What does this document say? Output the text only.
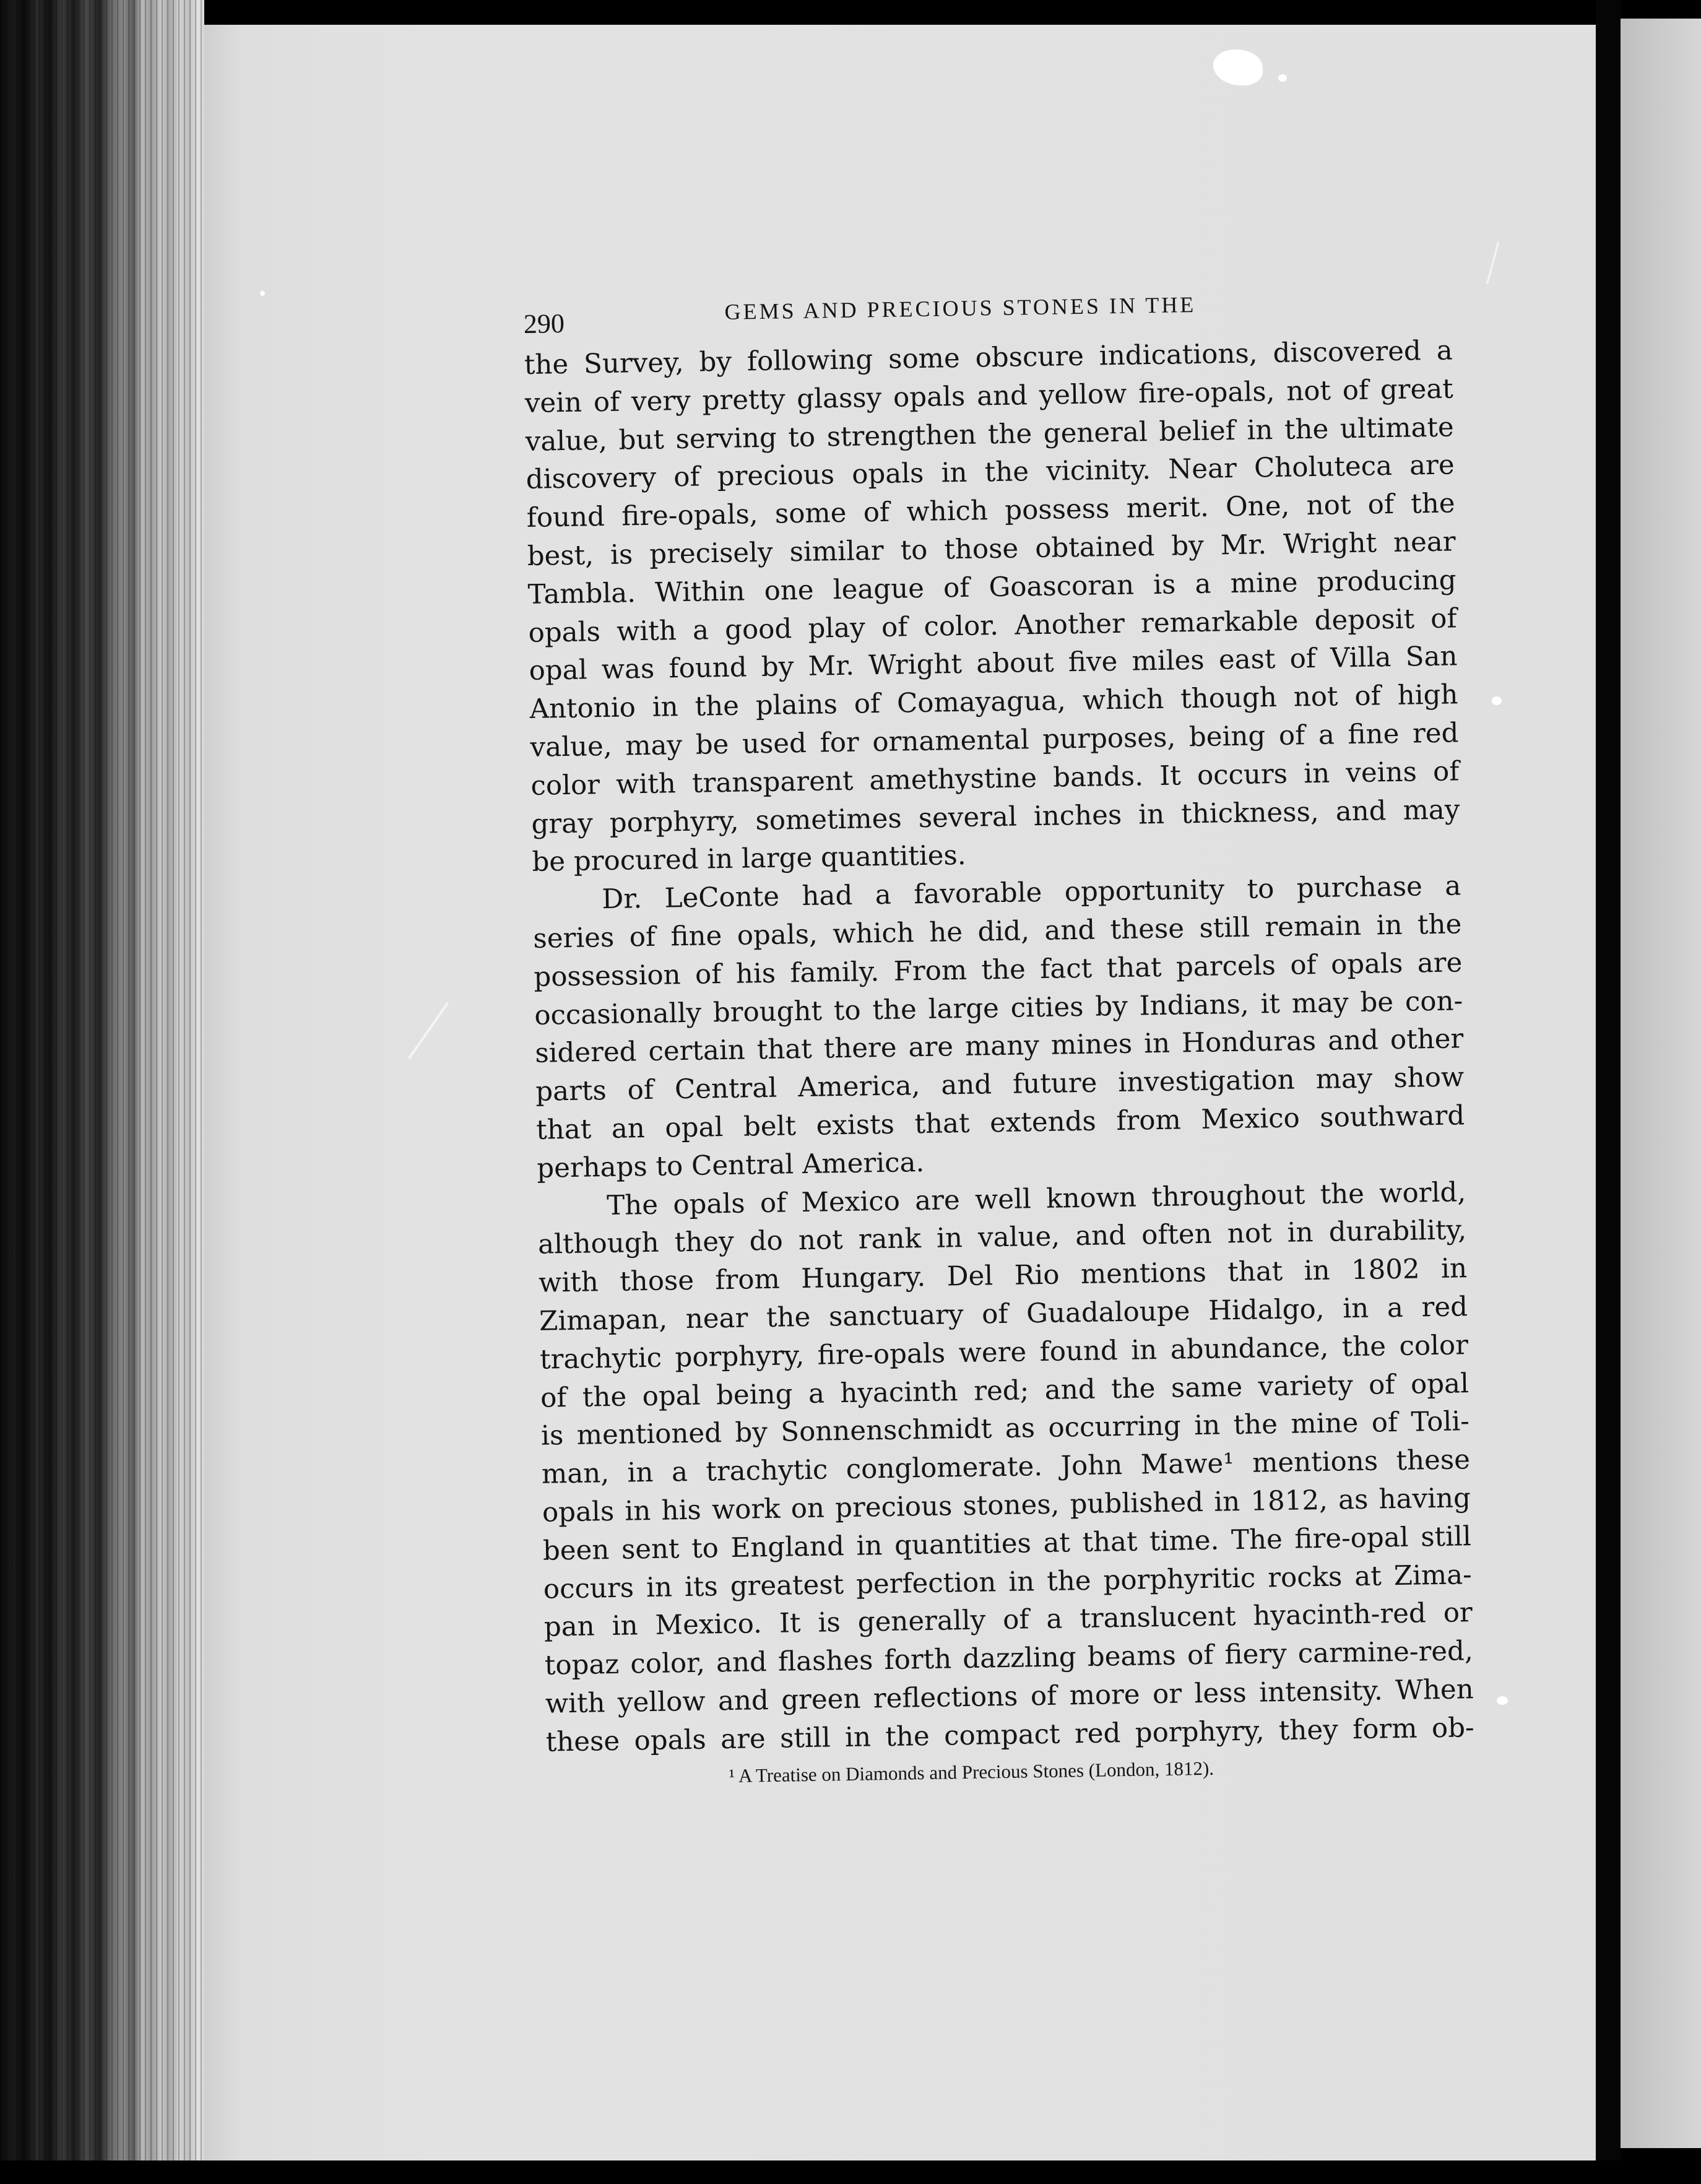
290	GEMS AND PRECIOUS STONES IN THE
the Survey, by following some obscure indications, discovered a
vein of very pretty glassy opals and yellow fire-opals, not of great
value, but serving to strengthen the general belief in the ultimate
discovery of precious opals in the vicinity. Near Choluteca are
found fire-opals, some of which possess merit. One, not of the
best, is precisely similar to those obtained by Mr. Wright near
Tambla. Within one league of Goascoran is a mine producing
opals with a good play of color. Another remarkable deposit of
opal was found by Mr. Wright about five miles east of Villa San
Antonio in the plains of Comayagua, which though not of high
value, may be used for ornamental purposes, being of a fine red
color with transparent amethystine bands. It occurs in veins of
gray porphyry, sometimes several inches in thickness, and may
be procured in large quantities.
Dr. LeConte had a favorable opportunity to purchase a
series of fine opals, which he did, and these still remain in the
possession of his family. From the fact that parcels of opals are
occasionally brought to the large cities by Indians, it may be con-
sidered certain that there are many mines in Honduras and other
parts of Central America, and future investigation may show
that an opal belt exists that extends from Mexico southward
perhaps to Central America.
The opals of Mexico are well known throughout the world,
although they do not rank in value, and often not in durability,
with those from Hungary. Del Rio mentions that in 1802 in
Zimapan, near the sanctuary of Guadaloupe Hidalgo, in a red
trachytic porphyry, fire-opals were found in abundance, the color
of the opal being a hyacinth red; and the same variety of opal
is mentioned by Sonnenschmidt as occurring in the mine of Toli-
man, in a trachytic conglomerate. John Mawe¹ mentions these
opals in his work on precious stones, published in 1812, as having
been sent to England in quantities at that time. The fire-opal still
occurs in its greatest perfection in the porphyritic rocks at Zima-
pan in Mexico. It is generally of a translucent hyacinth-red or
topaz color, and flashes forth dazzling beams of fiery carmine-red,
with yellow and green reflections of more or less intensity. When
these opals are still in the compact red porphyry, they form ob-
¹ A Treatise on Diamonds and Precious Stones (London, 1812).
